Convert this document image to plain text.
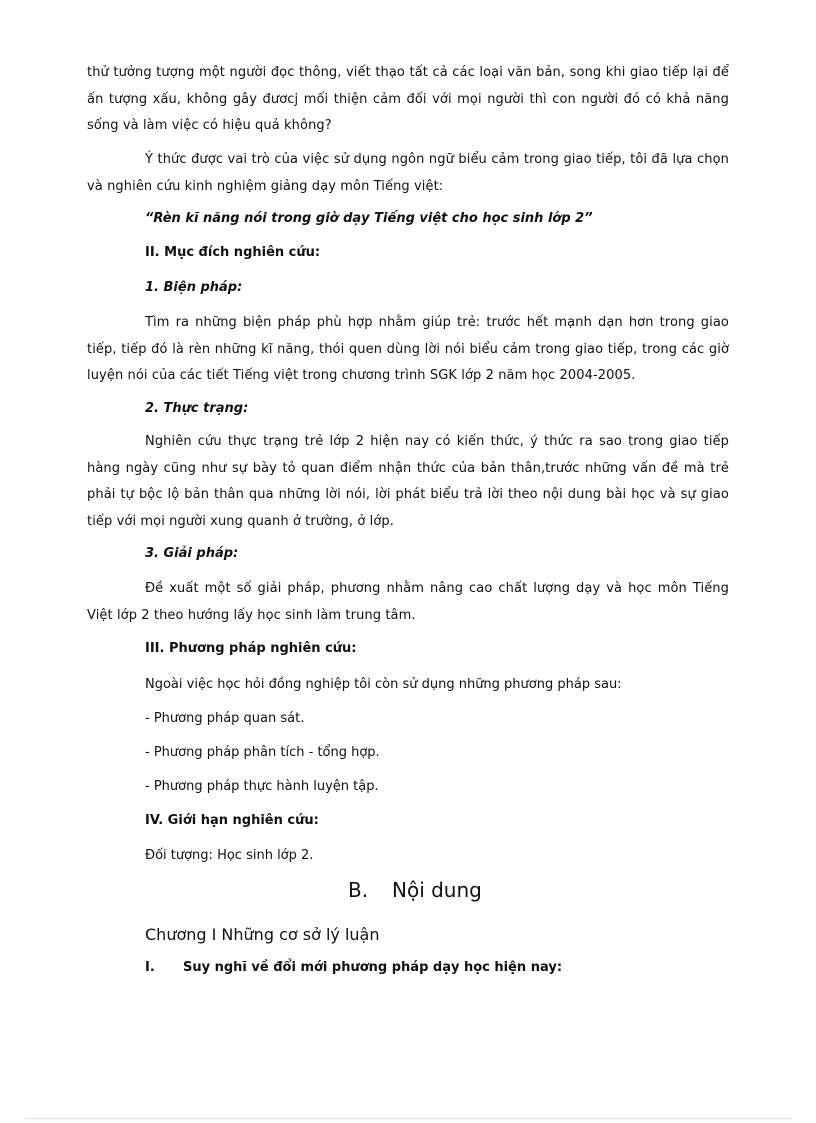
thử tưởng tượng một người đọc thông, viết thạo tất cả các loại văn bản, song khi giao tiếp lại để ấn tượng xấu, không gây đươcj mối thiện cảm đối với mọi người thì con người đó có khả năng sống và làm việc có hiệu quả không?

Ý thức được vai trò của việc sử dụng ngôn ngữ biểu cảm trong giao tiếp, tôi đã lựa chọn và nghiên cứu kinh nghiệm giảng dạy môn Tiếng việt:

“Rèn kĩ năng nói trong giờ dạy Tiếng việt cho học sinh lớp 2”

II. Mục đích nghiên cứu:

1. Biện pháp:

Tìm ra những biện pháp phù hợp nhằm giúp trẻ: trước hết mạnh dạn hơn trong giao tiếp, tiếp đó là rèn những kĩ năng, thói quen dùng lời nói biểu cảm trong giao tiếp, trong các giờ luyện nói của các tiết Tiếng việt trong chương trình SGK lớp 2 năm học 2004-2005.

2. Thực trạng:

Nghiên cứu thực trạng trẻ lớp 2 hiện nay có kiến thức, ý thức ra sao trong giao tiếp hàng ngày cũng như sự bày tỏ quan điểm nhận thức của bản thân,trước những vấn đề mà trẻ phải tự bộc lộ bản thân qua những lời nói, lời phát biểu trả lời theo nội dung bài học và sự giao tiếp với mọi người xung quanh ở trường, ở lớp.

3. Giải pháp:

Đề xuất một số giải pháp, phương nhằm nâng cao chất lượng dạy và học môn Tiếng Việt lớp 2 theo hướng lấy học sinh làm trung tâm.

III. Phương pháp nghiên cứu:

Ngoài việc học hỏi đồng nghiệp tôi còn sử dụng những phương pháp sau:

- Phương pháp quan sát.

- Phương pháp phân tích - tổng hợp.

- Phương pháp thực hành luyện tập.

IV. Giới hạn nghiên cứu:

Đối tượng: Học sinh lớp 2.

B. Nội dung

Chương I Những cơ sở lý luận

I. Suy nghĩ về đổi mới phương pháp dạy học hiện nay:
